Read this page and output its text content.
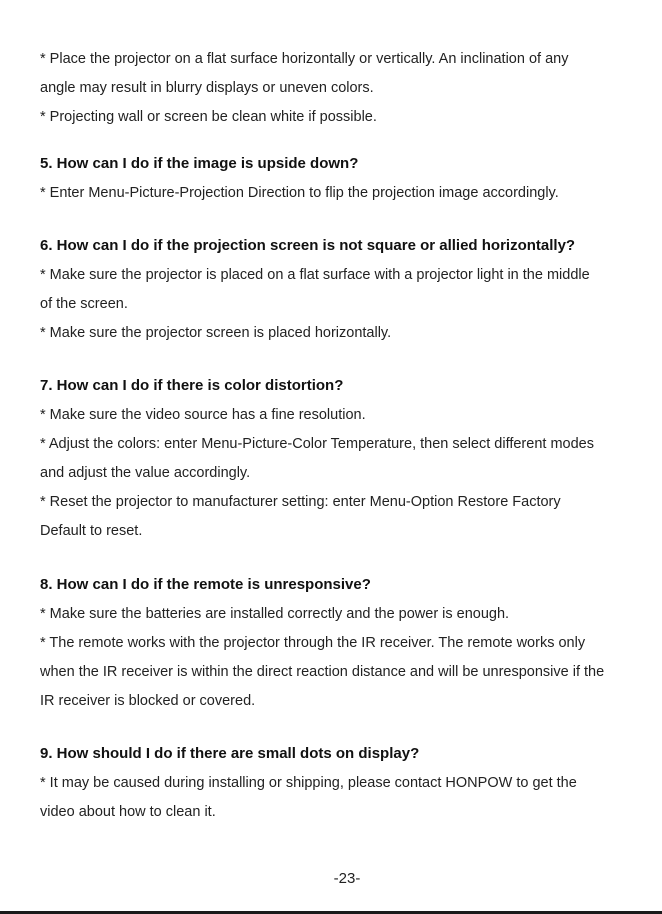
* Place the projector on a flat surface horizontally or vertically. An inclination of any
angle may result in blurry displays or uneven colors.
* Projecting wall or screen be clean white if possible.
5. How can I do if the image is upside down?
* Enter Menu-Picture-Projection Direction to flip the projection image accordingly.
6. How can I do if the projection screen is not square or allied horizontally?
* Make sure the projector is placed on a flat surface with a projector light in the middle
of the screen.
* Make sure the projector screen is placed horizontally.
7. How can I do if there is color distortion?
* Make sure the video source has a fine resolution.
* Adjust the colors: enter Menu-Picture-Color Temperature, then select different modes
and adjust the value accordingly.
* Reset the projector to manufacturer setting: enter Menu-Option Restore Factory
Default to reset.
8. How can I do if the remote is unresponsive?
* Make sure the batteries are installed correctly and the power is enough.
* The remote works with the projector through the IR receiver. The remote works only
when the IR receiver is within the direct reaction distance and will be unresponsive if the
IR receiver is blocked or covered.
9. How should I do if there are small dots on display?
* It may be caused during installing or shipping, please contact HONPOW to get the
video about how to clean it.
-23-
